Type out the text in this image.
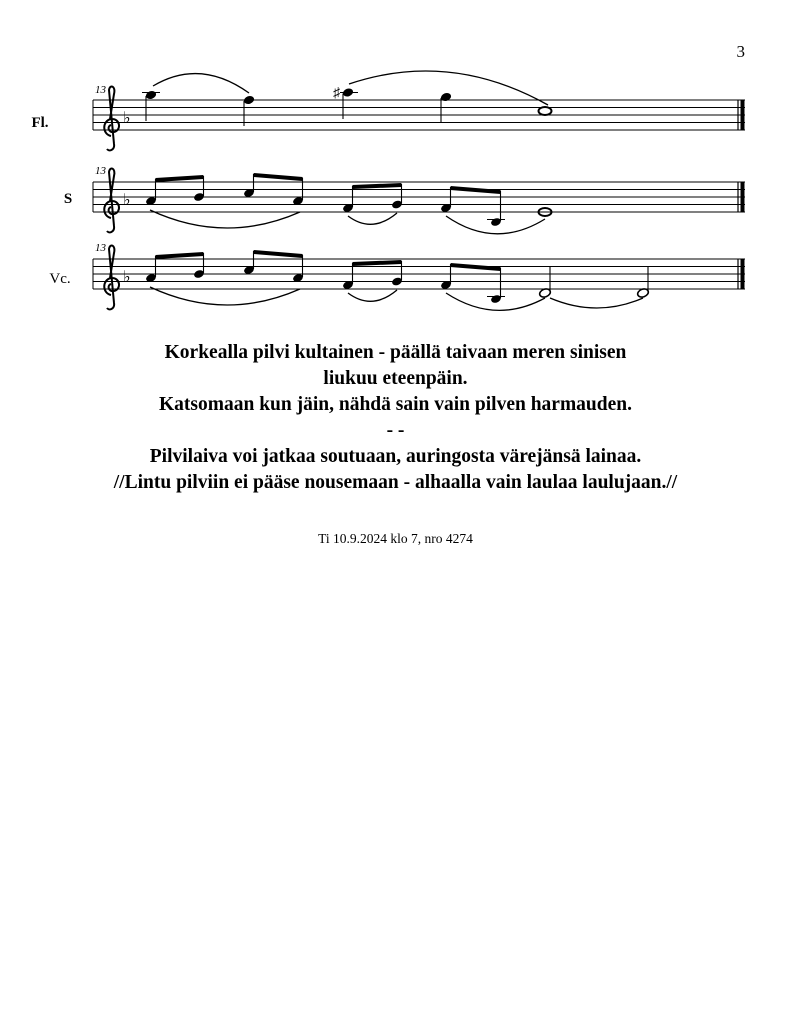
3
Fl.
13
♭
♯
S
13
♭
Vc.
13
♭
Korkealla pilvi kultainen - päällä taivaan meren sinisen
liukuu eteenpäin.
Katsomaan kun jäin, nähdä sain vain pilven harmauden.
- -
Pilvilaiva voi jatkaa soutuaan, auringosta värejänsä lainaa.
//Lintu pilviin ei pääse nousemaan - alhaalla vain laulaa laulujaan.//
Ti 10.9.2024 klo 7, nro 4274
